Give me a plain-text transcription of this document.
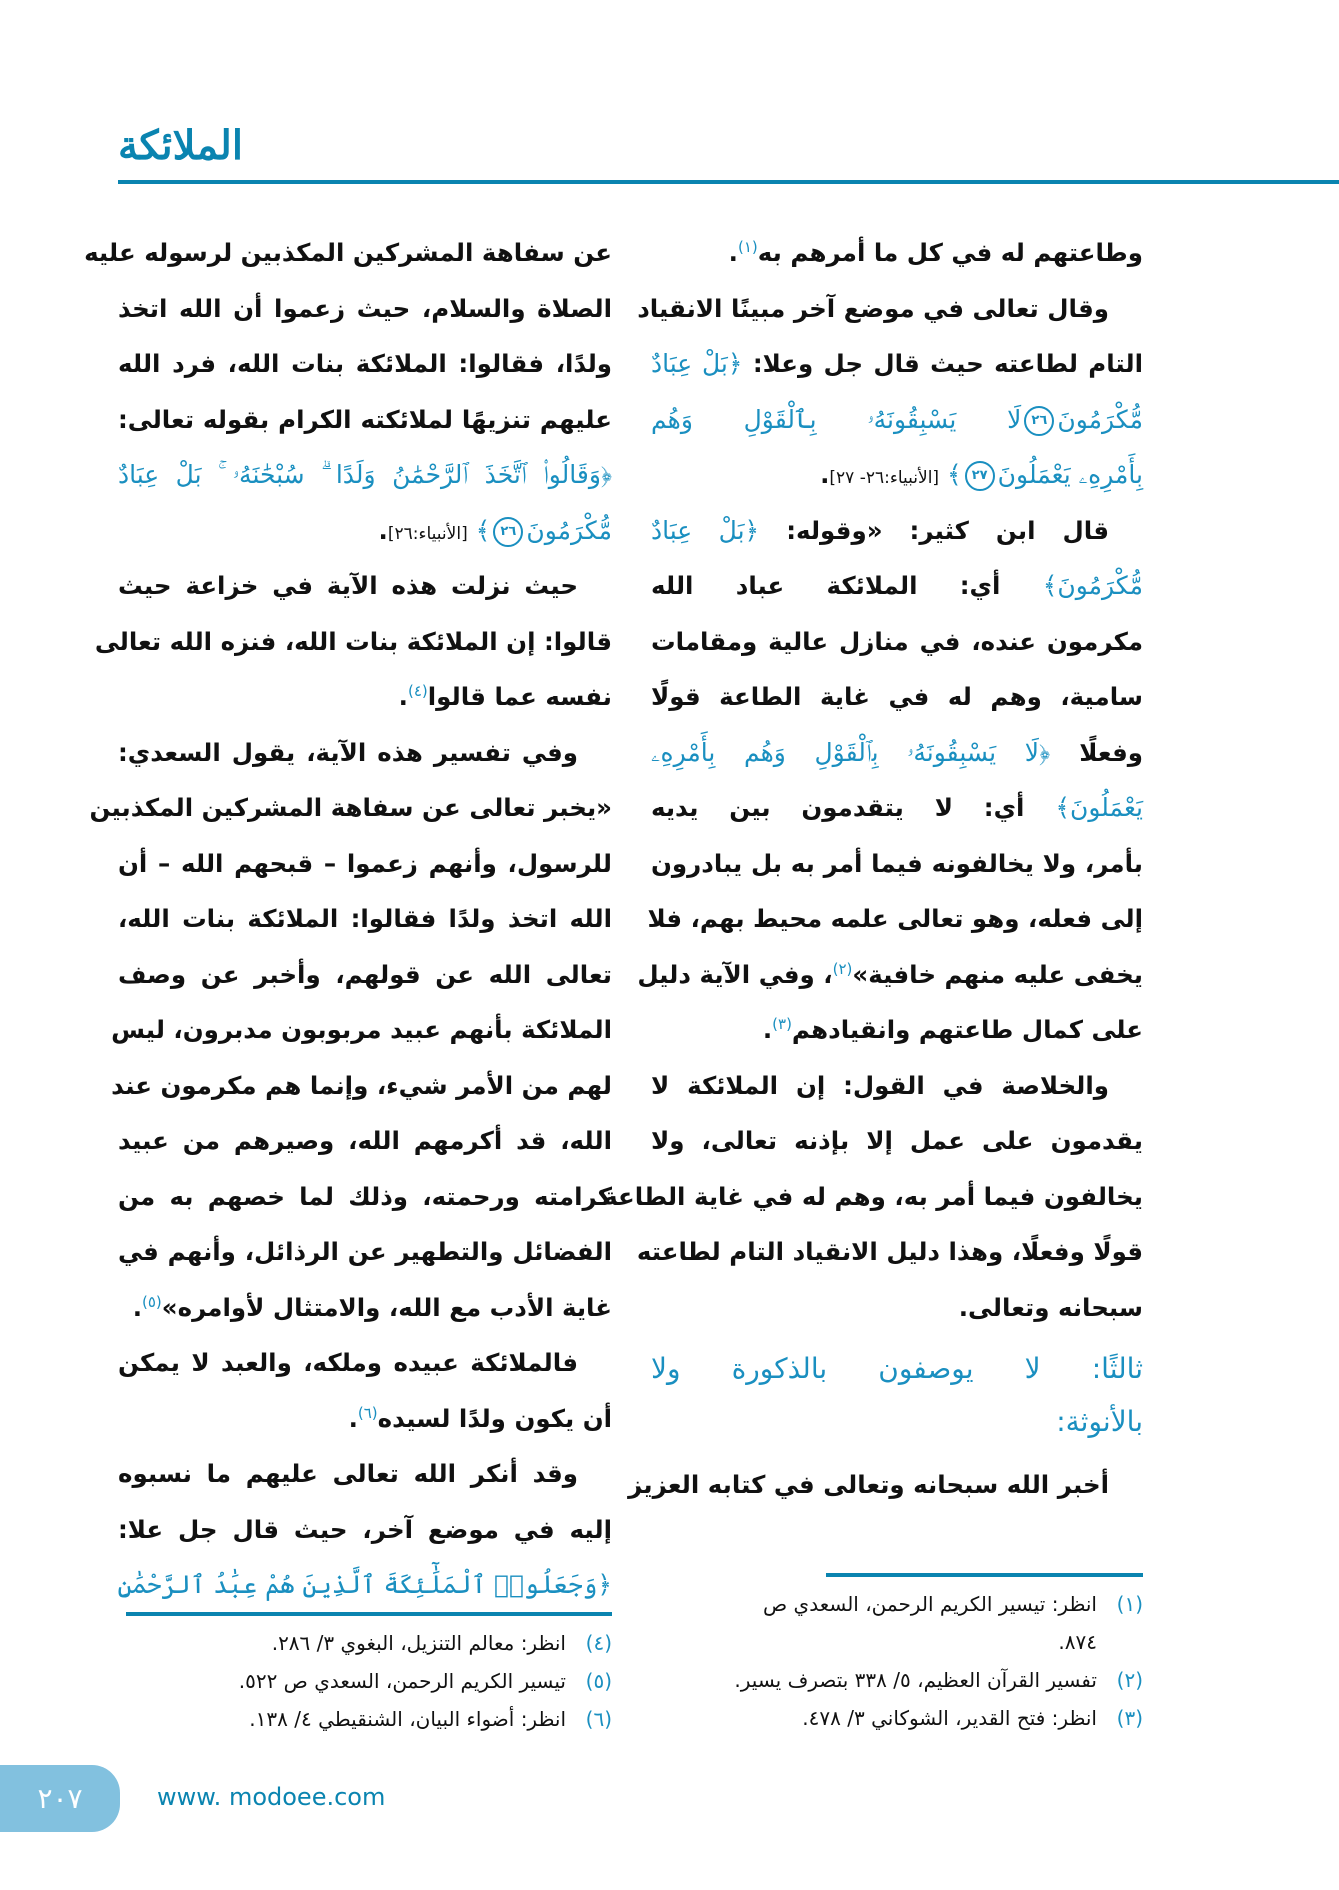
الملائكة
وطاعتهم له في كل ما أمرهم به$^{(١)}$.
وقال تعالى في موضع آخر مبينًا الانقياد
التام لطاعته حيث قال جل وعلا: ﴿بَلْ عِبَادٌ
مُّكْرَمُونَ٢٦لَا يَسْبِقُونَهُۥ بِٱلْقَوْلِ وَهُم
بِأَمْرِهِۦ يَعْمَلُونَ٢٧﴾ [الأنبياء:٢٦- ٢٧].
قال ابن كثير: «وقوله: ﴿بَلْ عِبَادٌ
مُّكْرَمُونَ﴾ أي: الملائكة عباد الله
مكرمون عنده، في منازل عالية ومقامات
سامية، وهم له في غاية الطاعة قولًا
وفعلًا ﴿لَا يَسْبِقُونَهُۥ بِٱلْقَوْلِ وَهُم بِأَمْرِهِۦ
يَعْمَلُونَ﴾ أي: لا يتقدمون بين يديه
بأمر، ولا يخالفونه فيما أمر به بل يبادرون
إلى فعله، وهو تعالى علمه محيط بهم، فلا
يخفى عليه منهم خافية»$^{(٢)}$، وفي الآية دليل
على كمال طاعتهم وانقيادهم$^{(٣)}$.
والخلاصة في القول: إن الملائكة لا
يقدمون على عمل إلا بإذنه تعالى، ولا
يخالفون فيما أمر به، وهم له في غاية الطاعة
قولًا وفعلًا، وهذا دليل الانقياد التام لطاعته
سبحانه وتعالى.
ثالثًا: لا يوصفون بالذكورة ولا
بالأنوثة:
أخبر الله سبحانه وتعالى في كتابه العزيز
عن سفاهة المشركين المكذبين لرسوله عليه
الصلاة والسلام، حيث زعموا أن الله اتخذ
ولدًا، فقالوا: الملائكة بنات الله، فرد الله
عليهم تنزيهًا لملائكته الكرام بقوله تعالى:
﴿وَقَالُوا۟ ٱتَّخَذَ ٱلرَّحْمَٰنُ وَلَدًا ۗ سُبْحَٰنَهُۥ ۚ بَلْ عِبَادٌ
مُّكْرَمُونَ٢٦﴾ [الأنبياء:٢٦].
حيث نزلت هذه الآية في خزاعة حيث
قالوا: إن الملائكة بنات الله، فنزه الله تعالى
نفسه عما قالوا$^{(٤)}$.
وفي تفسير هذه الآية، يقول السعدي:
«يخبر تعالى عن سفاهة المشركين المكذبين
للرسول، وأنهم زعموا – قبحهم الله – أن
الله اتخذ ولدًا فقالوا: الملائكة بنات الله،
تعالى الله عن قولهم، وأخبر عن وصف
الملائكة بأنهم عبيد مربوبون مدبرون، ليس
لهم من الأمر شيء، وإنما هم مكرمون عند
الله، قد أكرمهم الله، وصيرهم من عبيد
كرامته ورحمته، وذلك لما خصهم به من
الفضائل والتطهير عن الرذائل، وأنهم في
غاية الأدب مع الله، والامتثال لأوامره»$^{(٥)}$.
فالملائكة عبيده وملكه، والعبد لا يمكن
أن يكون ولدًا لسيده$^{(٦)}$.
وقد أنكر الله تعالى عليهم ما نسبوه
إليه في موضع آخر، حيث قال جل علا:
﴿وَجَعَلُوا۟ ٱلْمَلَٰٓئِكَةَ ٱلَّذِينَ هُمْ عِبَٰدُ ٱلرَّحْمَٰنِ
(١)انظر: تيسير الكريم الرحمن، السعدي ص
٨٧٤.
(٢)تفسير القرآن العظيم، ٥/ ٣٣٨ بتصرف يسير.
(٣)انظر: فتح القدير، الشوكاني ٣/ ٤٧٨.
(٤)انظر: معالم التنزيل، البغوي ٣/ ٢٨٦.
(٥)تيسير الكريم الرحمن، السعدي ص ٥٢٢.
(٦)انظر: أضواء البيان، الشنقيطي ٤/ ١٣٨.
٢٠٧	www. modoee.com
